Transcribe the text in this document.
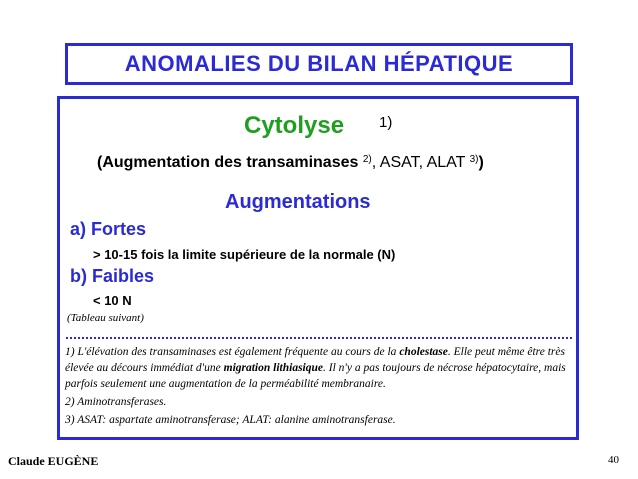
ANOMALIES DU BILAN HÉPATIQUE
Cytolyse 1)
(Augmentation des transaminases $^{2)}$, ASAT, ALAT $^{3)}$)
Augmentations
a) Fortes
> 10-15 fois la limite supérieure de la normale (N)
b) Faibles
< 10 N
(Tableau suivant)
1) L'élévation des transaminases est également fréquente au cours de la cholestase. Elle peut même être très élevée au décours immédiat d'une migration lithiasique. Il n'y a pas toujours de nécrose hépatocytaire, mais parfois seulement une augmentation de la perméabilité membranaire.
2) Aminotransferases.
3) ASAT: aspartate aminotransferase; ALAT: alanine aminotransferase.
Claude EUGÈNE	40
